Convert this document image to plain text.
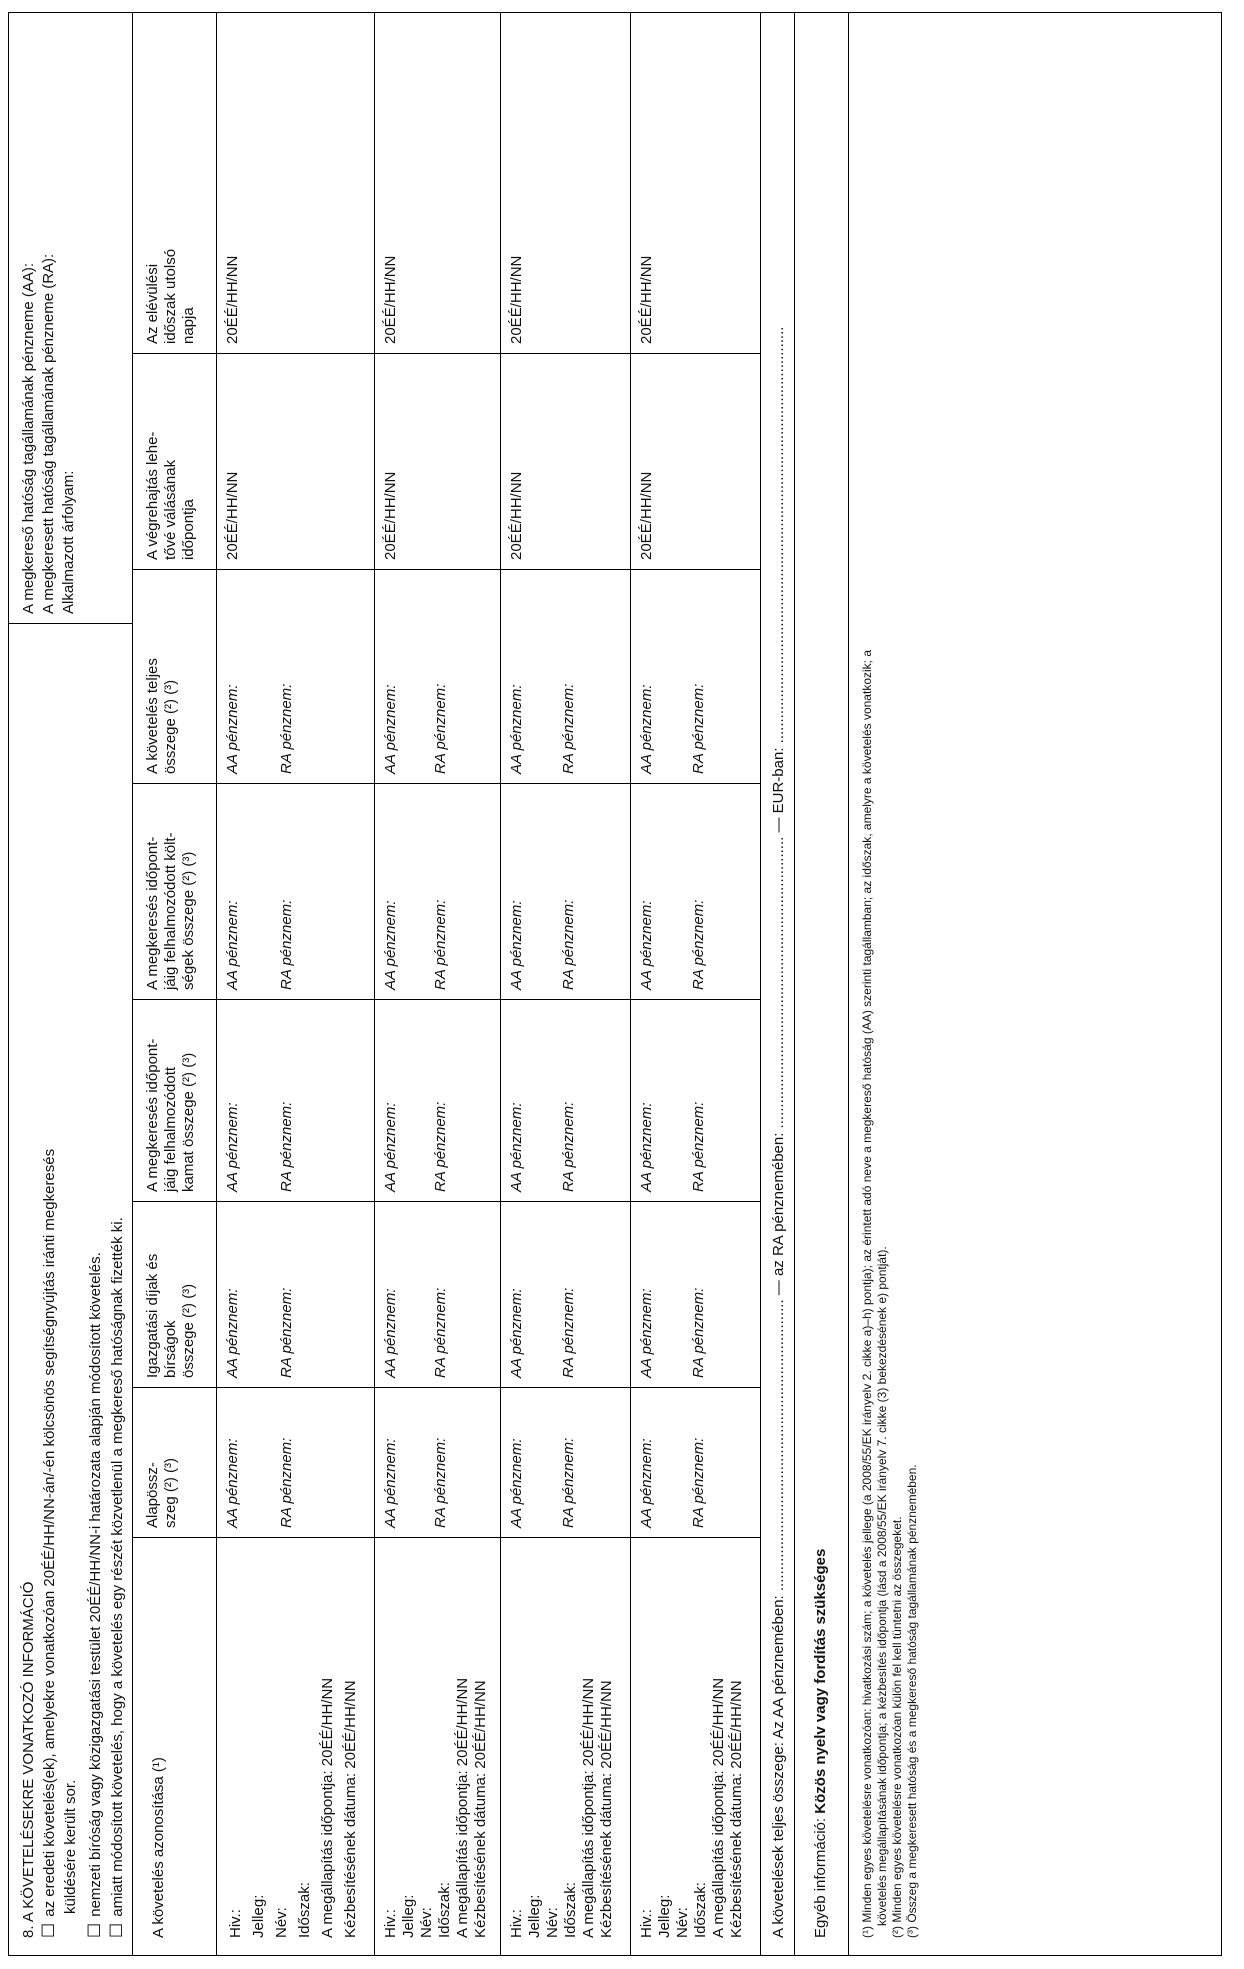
8. A KÖVETELÉSEKRE VONATKOZÓ INFORMÁCIÓ ☐ az eredeti követelés(ek), amelyekre vonatkozóan 20ÉÉ/HH/NN-án/-én kölcsönös segítségnyújtás iránti megkeresés küldésére került sor. ☐ nemzeti bíróság vagy közigazgatási testület 20ÉÉ/HH/NN-i határozata alapján módosított követelés. ☐ amiatt módosított követelés, hogy a követelés egy részét közvetlenül a megkereső hatóságnak fizették ki.
A megkereső hatóság tagállamának pénzneme (AA): A megkeresett hatóság tagállamának pénzneme (RA): Alkalmazott árfolyam:
A követelés azonosítása (¹)
Alapössz- szeg (²) (³)
Igazgatási díjak és bírságok összege (²) (³)
A megkeresés időpont- jáig felhalmozódott kamat összege (²) (³)
A megkeresés időpont- jáig felhalmozódott költ- ségek összege (²) (³)
A követelés teljes összege (²) (³)
A végrehajtás lehe- tővé válásának időpontja
Az elévülési időszak utolsó napja
Hiv.: Jelleg: Név: Időszak: A megállapítás időpontja: 20ÉÉ/HH/NN Kézbesítésének dátuma: 20ÉÉ/HH/NN
AA pénznem: RA pénznem:
AA pénznem: RA pénznem:
AA pénznem: RA pénznem:
AA pénznem: RA pénznem:
AA pénznem: RA pénznem:
20ÉÉ/HH/NN
20ÉÉ/HH/NN
Hiv.: Jelleg: Név: Időszak: A megállapítás időpontja: 20ÉÉ/HH/NN Kézbesítésének dátuma: 20ÉÉ/HH/NN
AA pénznem: RA pénznem:
AA pénznem: RA pénznem:
AA pénznem: RA pénznem:
AA pénznem: RA pénznem:
AA pénznem: RA pénznem:
20ÉÉ/HH/NN
20ÉÉ/HH/NN
Hiv.: Jelleg: Név: Időszak: A megállapítás időpontja: 20ÉÉ/HH/NN Kézbesítésének dátuma: 20ÉÉ/HH/NN
AA pénznem: RA pénznem:
AA pénznem: RA pénznem:
AA pénznem: RA pénznem:
AA pénznem: RA pénznem:
AA pénznem: RA pénznem:
20ÉÉ/HH/NN
20ÉÉ/HH/NN
Hiv.: Jelleg: Név: Időszak: A megállapítás időpontja: 20ÉÉ/HH/NN Kézbesítésének dátuma: 20ÉÉ/HH/NN
AA pénznem: RA pénznem:
AA pénznem: RA pénznem:
AA pénznem: RA pénznem:
AA pénznem: RA pénznem:
AA pénznem: RA pénznem:
20ÉÉ/HH/NN
20ÉÉ/HH/NN
A követelések teljes összege: Az AA pénznemében: ...................................................................... — az RA pénznemében: ...................................................................... — EUR-ban: ....................................................................................................
Egyéb információ: Közös nyelv vagy fordítás szükséges	(¹) Minden egyes követelésre vonatkozóan: hivatkozási szám; a követelés jellege (a 2008/55/EK irányelv 2. cikke a)–h) pontja); az érintett adó neve a megkereső hatóság (AA) szerinti tagállamban; az időszak, amelyre a követelés vonatkozik; a követelés megállapításának időpontja; a kézbesítés időpontja (lásd a 2008/55/EK irányelv 7. cikke (3) bekezdésének e) pontját). (²) Minden egyes követelésre vonatkozóan külön fel kell tüntetni az összegeket. (³) Összeg a megkeresett hatóság és a megkereső hatóság tagállamának pénznemében.
